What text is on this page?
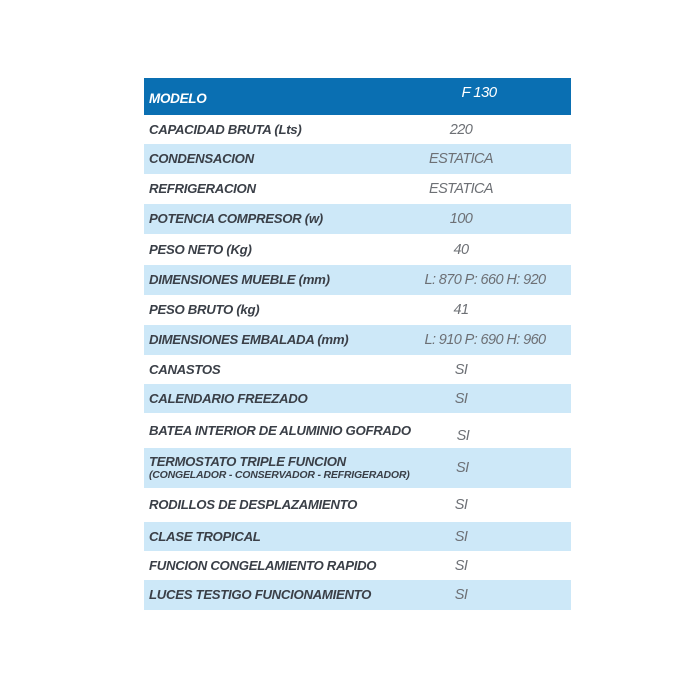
MODELO	F 130
CAPACIDAD BRUTA (Lts)	220
CONDENSACION	ESTATICA
REFRIGERACION	ESTATICA
POTENCIA COMPRESOR (w)	100
PESO NETO (Kg)	40
DIMENSIONES MUEBLE (mm)	L: 870 P: 660 H: 920
PESO BRUTO (kg)	41
DIMENSIONES EMBALADA (mm)	L: 910 P: 690 H: 960
CANASTOS	SI
CALENDARIO FREEZADO	SI
BATEA INTERIOR DE ALUMINIO GOFRADO	SI
TERMOSTATO TRIPLE FUNCION
(CONGELADOR - CONSERVADOR - REFRIGERADOR)	SI
RODILLOS DE DESPLAZAMIENTO	SI
CLASE TROPICAL	SI
FUNCION CONGELAMIENTO RAPIDO	SI
LUCES TESTIGO FUNCIONAMIENTO	SI
